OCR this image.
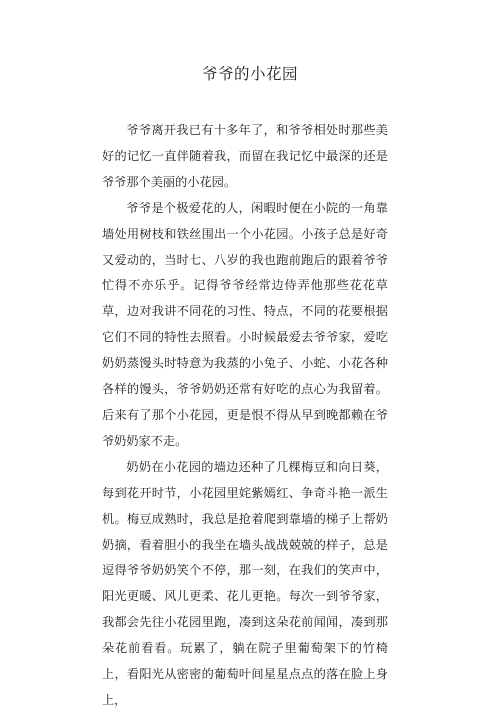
爷爷的小花园

爷爷离开我已有十多年了，和爷爷相处时那些美好的记忆一直伴随着我，而留在我记忆中最深的还是爷爷那个美丽的小花园。

爷爷是个极爱花的人，闲暇时便在小院的一角靠墙处用树枝和铁丝围出一个小花园。小孩子总是好奇又爱动的，当时七、八岁的我也跑前跑后的跟着爷爷忙得不亦乐乎。记得爷爷经常边侍弄他那些花花草草，边对我讲不同花的习性、特点，不同的花要根据它们不同的特性去照看。小时候最爱去爷爷家，爱吃奶奶蒸馒头时特意为我蒸的小兔子、小蛇、小花各种各样的馒头，爷爷奶奶还常有好吃的点心为我留着。后来有了那个小花园，更是恨不得从早到晚都赖在爷爷奶奶家不走。

奶奶在小花园的墙边还种了几棵梅豆和向日葵，每到花开时节，小花园里姹紫嫣红、争奇斗艳一派生机。梅豆成熟时，我总是抢着爬到靠墙的梯子上帮奶奶摘，看着胆小的我坐在墙头战战兢兢的样子，总是逗得爷爷奶奶笑个不停，那一刻，在我们的笑声中，阳光更暖、风儿更柔、花儿更艳。每次一到爷爷家，我都会先往小花园里跑，凑到这朵花前闻闻，凑到那朵花前看看。玩累了，躺在院子里葡萄架下的竹椅上，看阳光从密密的葡萄叶间星星点点的落在脸上身上，
